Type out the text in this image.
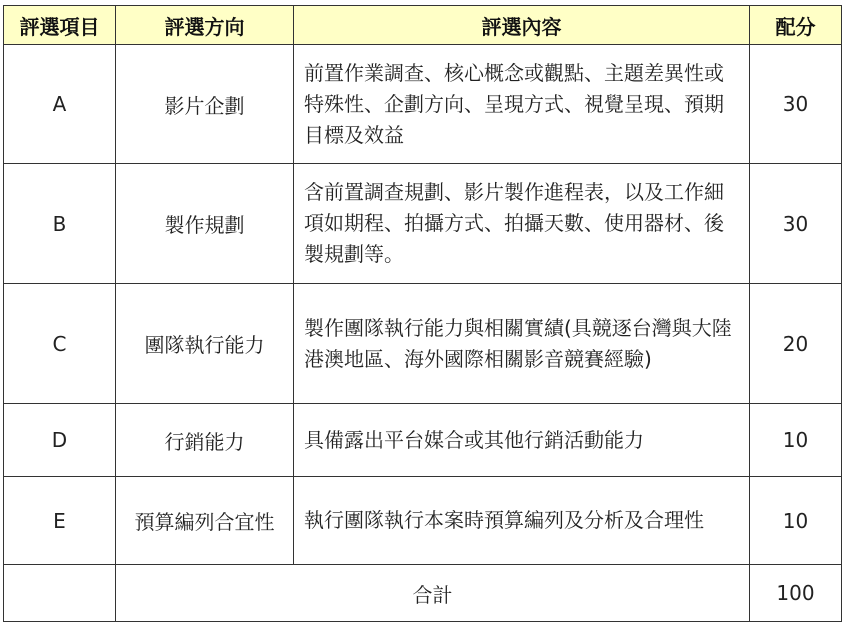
評選項目	評選方向	評選內容	配分
A	影片企劃	前置作業調查、核心概念或觀點、主題差異性或特殊性、企劃方向、呈現方式、視覺呈現、預期目標及效益	30
B	製作規劃	含前置調查規劃、影片製作進程表，以及工作細項如期程、拍攝方式、拍攝天數、使用器材、後製規劃等。	30
C	團隊執行能力	製作團隊執行能力與相關實績(具競逐台灣與大陸港澳地區、海外國際相關影音競賽經驗)	20
D	行銷能力	具備露出平台媒合或其他行銷活動能力	10
E	預算編列合宜性	執行團隊執行本案時預算編列及分析及合理性	10
	合計		100
